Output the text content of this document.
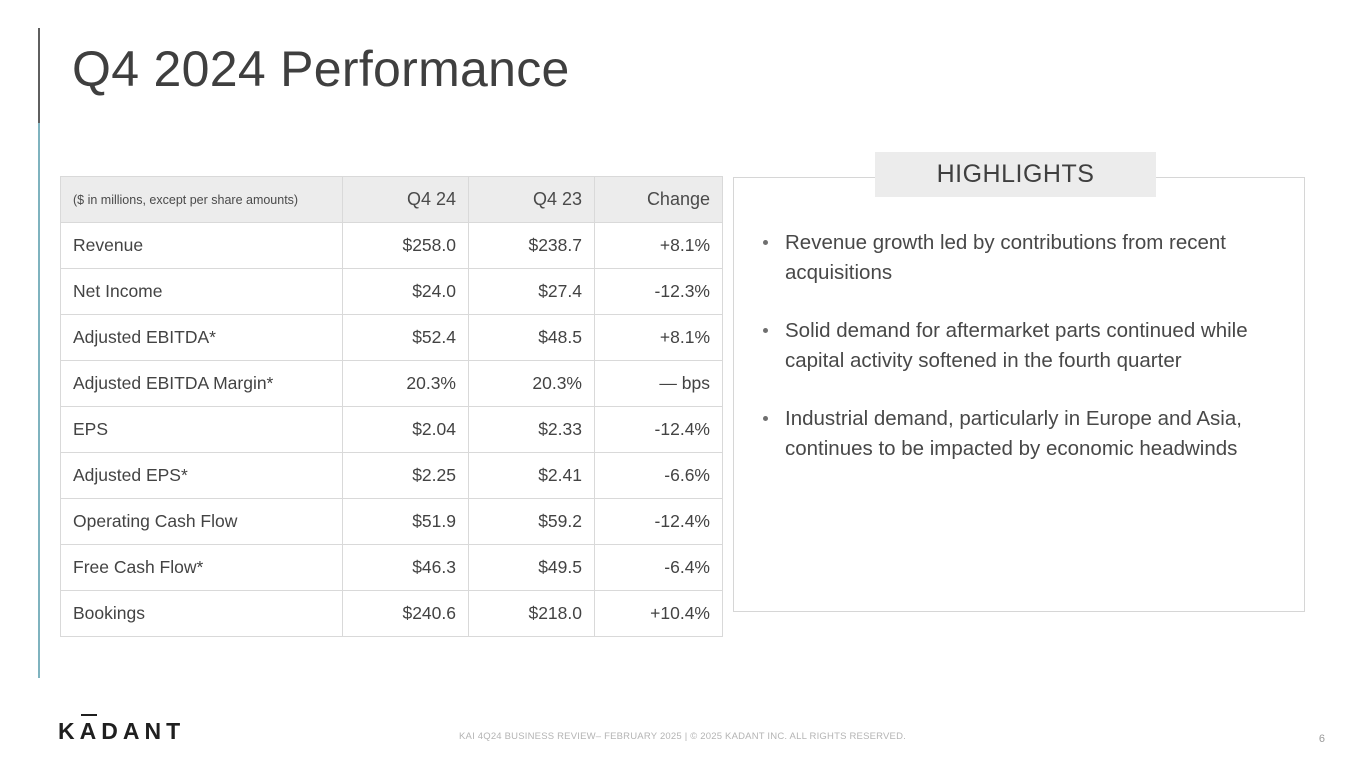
Q4 2024 Performance
($ in millions, except per share amounts)	Q4 24	Q4 23	Change
Revenue	$258.0	$238.7	+8.1%
Net Income	$24.0	$27.4	-12.3%
Adjusted EBITDA*	$52.4	$48.5	+8.1%
Adjusted EBITDA Margin*	20.3%	20.3%	— bps
EPS	$2.04	$2.33	-12.4%
Adjusted EPS*	$2.25	$2.41	-6.6%
Operating Cash Flow	$51.9	$59.2	-12.4%
Free Cash Flow*	$46.3	$49.5	-6.4%
Bookings	$240.6	$218.0	+10.4%
HIGHLIGHTS
Revenue growth led by contributions from recent acquisitions
Solid demand for aftermarket parts continued while capital activity softened in the fourth quarter
Industrial demand, particularly in Europe and Asia, continues to be impacted by economic headwinds
KADANT	KAI 4Q24 BUSINESS REVIEW– FEBRUARY 2025 | © 2025 KADANT INC. ALL RIGHTS RESERVED.	6
